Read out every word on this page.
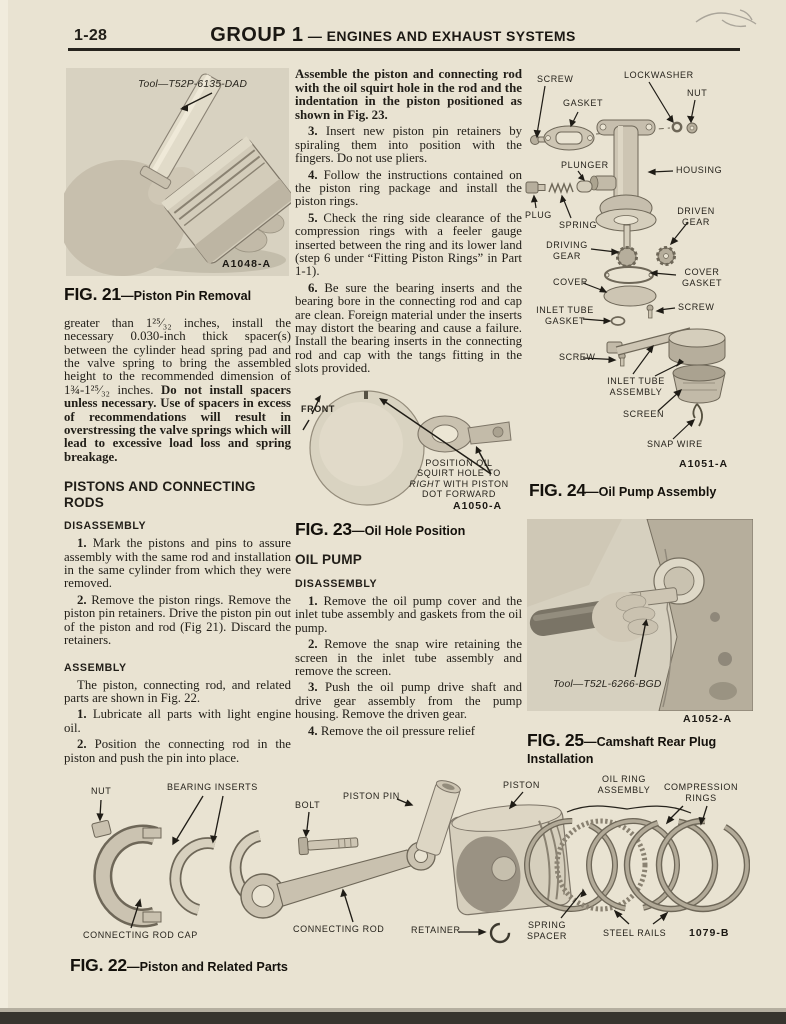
1-28	GROUP 1 — ENGINES AND EXHAUST SYSTEMS
Tool—T52P-6135-DAD
A1048-A
FIG. 21—Piston Pin Removal

greater than 1²⁵⁄₃₂ inches, install the necessary 0.030-inch thick spacer(s) between the cylinder head spring pad and the valve spring to bring the assembled height to the recommended dimension of 1¾-1²⁵⁄₃₂ inches. Do not install spacers unless necessary. Use of spacers in excess of recommendations will result in overstressing the valve springs which will lead to excessive load loss and spring breakage.

PISTONS AND CONNECTING RODS
DISASSEMBLY

1. Mark the pistons and pins to assure assembly with the same rod and installation in the same cylinder from which they were removed.

2. Remove the piston rings. Remove the piston pin retainers. Drive the piston pin out of the piston and rod (Fig 21). Discard the retainers.

ASSEMBLY

The piston, connecting rod, and related parts are shown in Fig. 22.

1. Lubricate all parts with light engine oil.

2. Position the connecting rod in the piston and push the pin into place.

Assemble the piston and connecting rod with the oil squirt hole in the rod and the indentation in the piston positioned as shown in Fig. 23.

3. Insert new piston pin retainers by spiraling them into position with the fingers. Do not use pliers.

4. Follow the instructions contained on the piston ring package and install the piston rings.

5. Check the ring side clearance of the compression rings with a feeler gauge inserted between the ring and its lower land (step 6 under “Fitting Piston Rings” in Part 1-1).

6. Be sure the bearing inserts and the bearing bore in the connecting rod and cap are clean. Foreign material under the inserts may distort the bearing and cause a failure. Install the bearing inserts in the connecting rod and cap with the tangs fitting in the slots provided.

FRONT
POSITION OIL
SQUIRT HOLE TO
RIGHT WITH PISTON
DOT FORWARD
A1050-A
FIG. 23—Oil Hole Position
OIL PUMP
DISASSEMBLY

1. Remove the oil pump cover and the inlet tube assembly and gaskets from the oil pump.

2. Remove the snap wire retaining the screen in the inlet tube assembly and remove the screen.

3. Push the oil pump drive shaft and drive gear assembly from the pump housing. Remove the driven gear.

4. Remove the oil pressure relief

SCREW
GASKET
LOCKWASHER
NUT
PLUNGER	HOUSING
PLUG
SPRING
DRIVING GEAR
DRIVEN GEAR
COVER
COVER GASKET
INLET TUBE GASKET
SCREW
SCREW
INLET TUBE ASSEMBLY
SCREEN
SNAP WIRE
A1051-A
FIG. 24—Oil Pump Assembly
Tool—T52L-6266-BGD
A1052-A
FIG. 25—Camshaft Rear Plug
Installation
NUT	BEARING INSERTS
BOLT
PISTON PIN
PISTON
OIL RING ASSEMBLY	COMPRESSION RINGS
CONNECTING ROD CAP
CONNECTING ROD	RETAINER	SPRING SPACER	STEEL RAILS 1079-B
FIG. 22—Piston and Related Parts
